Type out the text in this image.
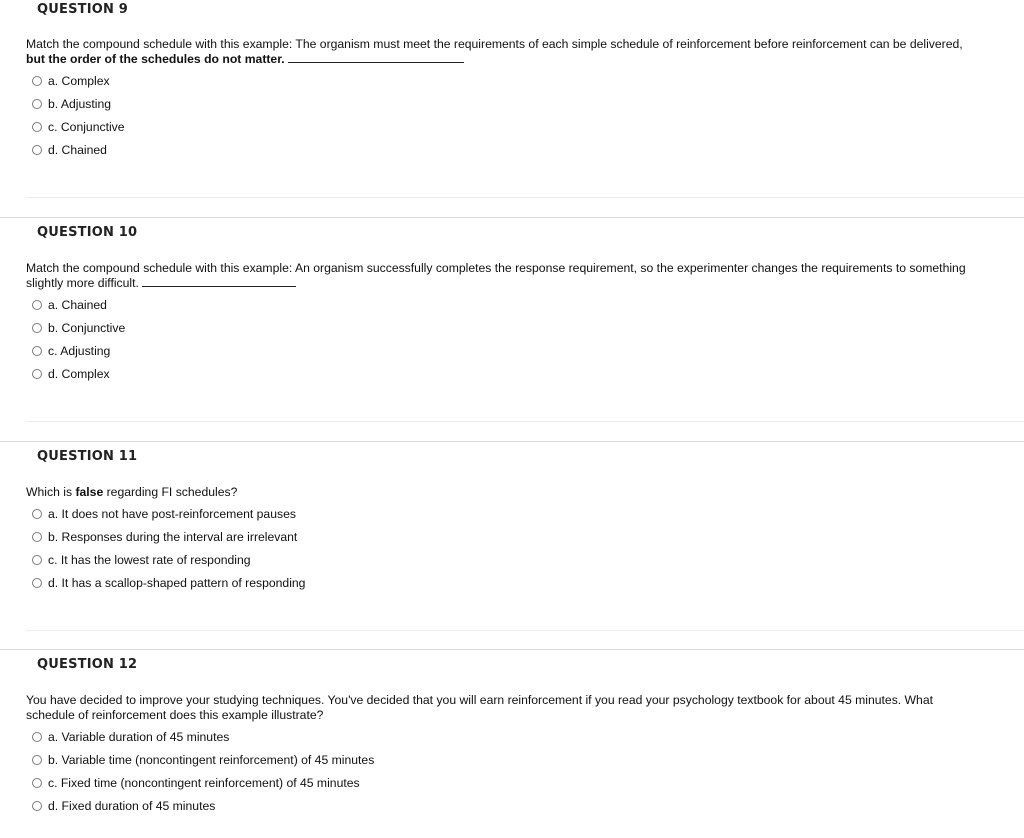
QUESTION 9
Match the compound schedule with this example: The organism must meet the requirements of each simple schedule of reinforcement before reinforcement can be delivered, but the order of the schedules do not matter.
a. Complex
b. Adjusting
c. Conjunctive
d. Chained
QUESTION 10
Match the compound schedule with this example: An organism successfully completes the response requirement, so the experimenter changes the requirements to something slightly more difficult.
a. Chained
b. Conjunctive
c. Adjusting
d. Complex
QUESTION 11
Which is false regarding FI schedules?
a. It does not have post-reinforcement pauses
b. Responses during the interval are irrelevant
c. It has the lowest rate of responding
d. It has a scallop-shaped pattern of responding
QUESTION 12
You have decided to improve your studying techniques. You've decided that you will earn reinforcement if you read your psychology textbook for about 45 minutes. What schedule of reinforcement does this example illustrate?
a. Variable duration of 45 minutes
b. Variable time (noncontingent reinforcement) of 45 minutes
c. Fixed time (noncontingent reinforcement) of 45 minutes
d. Fixed duration of 45 minutes
